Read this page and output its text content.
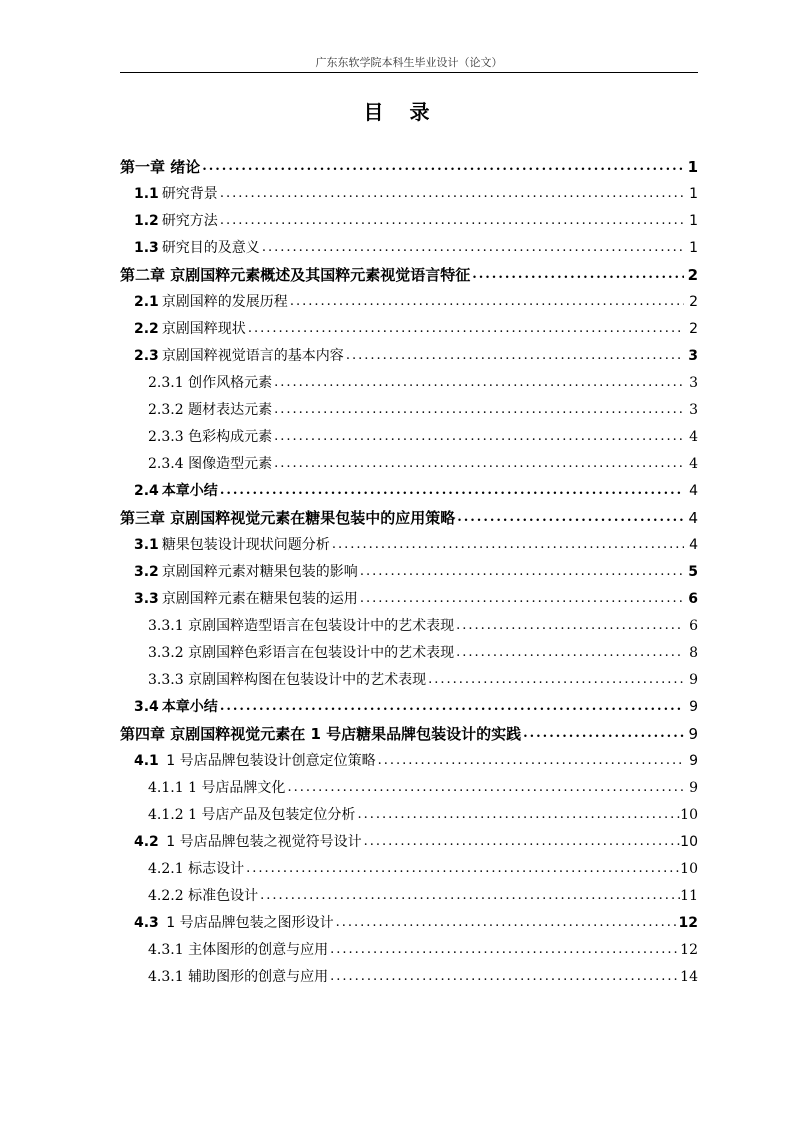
广东东软学院本科生毕业设计（论文）
目录
第一章 绪论 .....	1
1.1 研究背景 .....	1
1.2 研究方法 .....	1
1.3 研究目的及意义 .....	1
第二章 京剧国粹元素概述及其国粹元素视觉语言特征 .....	2
2.1 京剧国粹的发展历程 .....	2
2.2 京剧国粹现状 .....	2
2.3 京剧国粹视觉语言的基本内容 .....	3
2.3.1 创作风格元素 .....	3
2.3.2 题材表达元素 .....	3
2.3.3 色彩构成元素 .....	4
2.3.4 图像造型元素 .....	4
2.4 本章小结 .....	4
第三章 京剧国粹视觉元素在糖果包装中的应用策略 .....	4
3.1 糖果包装设计现状问题分析 .....	4
3.2 京剧国粹元素对糖果包装的影响 .....	5
3.3 京剧国粹元素在糖果包装的运用 .....	6
3.3.1 京剧国粹造型语言在包装设计中的艺术表现 .....	6
3.3.2 京剧国粹色彩语言在包装设计中的艺术表现 .....	8
3.3.3 京剧国粹构图在包装设计中的艺术表现 .....	9
3.4 本章小结 .....	9
第四章 京剧国粹视觉元素在 1 号店糖果品牌包装设计的实践 .....	9
4.1 1 号店品牌包装设计创意定位策略 .....	9
4.1.1 1 号店品牌文化 .....	9
4.1.2 1 号店产品及包装定位分析 .....	10
4.2 1 号店品牌包装之视觉符号设计 .....	10
4.2.1 标志设计 .....	10
4.2.2 标准色设计 .....	11
4.3 1 号店品牌包装之图形设计 .....	12
4.3.1 主体图形的创意与应用 .....	12
4.3.1 辅助图形的创意与应用 .....	14
